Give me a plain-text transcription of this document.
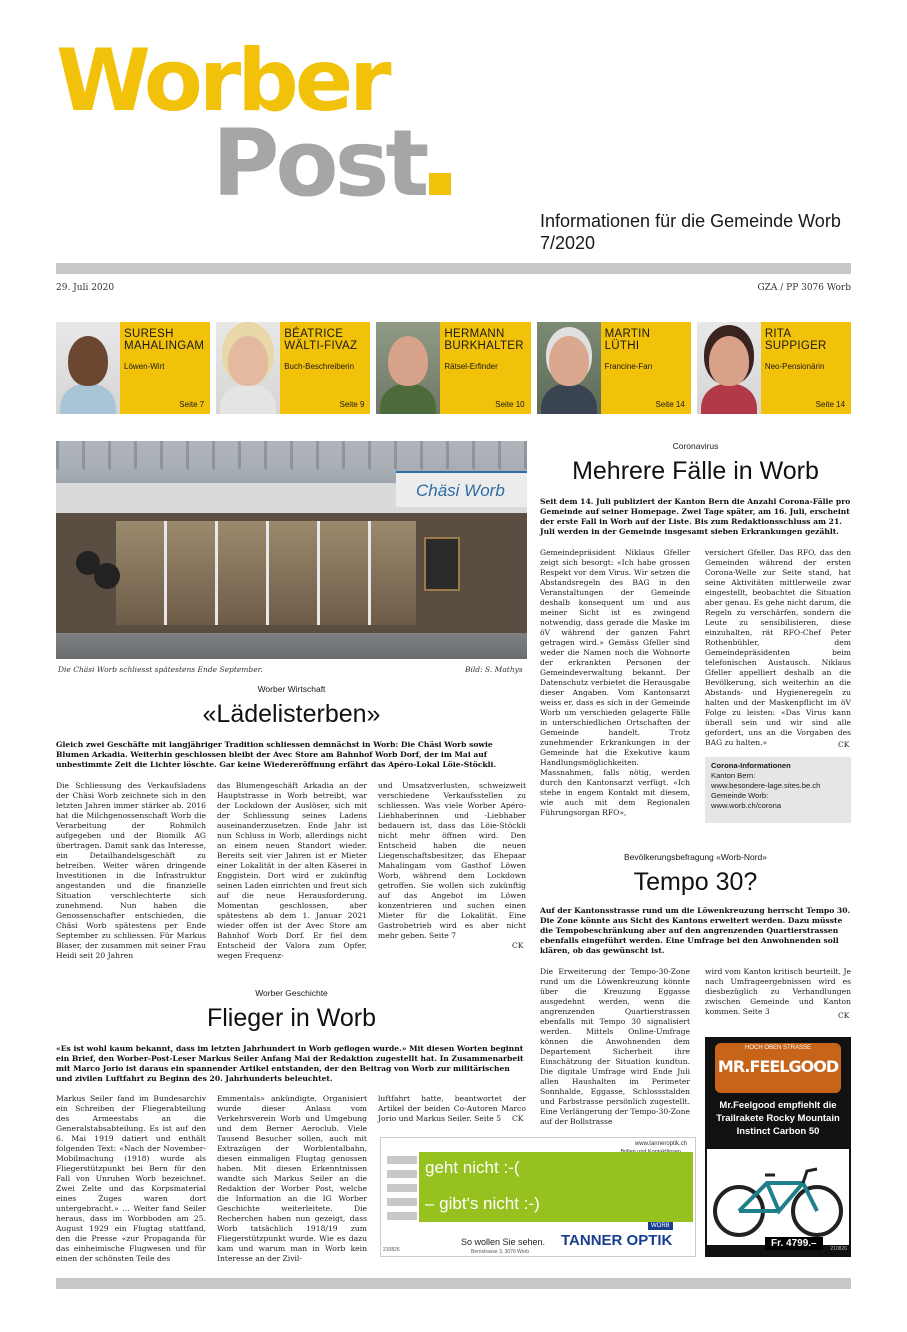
Worber
Post
Informationen für die Gemeinde Worb
7/2020
29. Juli 2020	GZA / PP 3076 Worb
SURESH MAHALINGAM
Löwen-Wirt
Seite 7
BÉATRICE WÄLTI-FIVAZ
Buch-Beschreiberin
Seite 9
HERMANN BURKHALTER
Rätsel-Erfinder
Seite 10
MARTIN LÜTHI
Francine-Fan
Seite 14
RITA SUPPIGER
Neo-Pensionärin
Seite 14
Chäsi Worb
Die Chäsi Worb schliesst spätestens Ende September.	Bild: S. Mathys
Worber Wirtschaft
«Lädelisterben»
Gleich zwei Geschäfte mit langjähriger Tradition schliessen demnächst in Worb: Die Chäsi Worb sowie Blumen Arkadia. Weiterhin geschlossen bleibt der Avec Store am Bahnhof Worb Dorf, der im Mai auf unbestimmte Zeit die Lichter löschte. Gar keine Wiedereröffnung erfährt das Apéro-Lokal Löie-Stöckli.
Die Schliessung des Verkaufsladens der Chäsi Worb zeichnete sich in den letzten Jahren immer stärker ab. 2016 hat die Milchgenossenschaft Worb die Verarbeitung der Rohmilch aufgegeben und der Biomilk AG übertragen. Damit sank das Interesse, ein Detailhandelsgeschäft zu betreiben. Weiter wären dringende Investitionen in die Infrastruktur angestanden und die finanzielle Situation verschlechterte sich zunehmend. Nun haben die Genossenschafter entschieden, die Chäsi Worb spätestens per Ende September zu schliessen. Für Markus Blaser, der zusammen mit seiner Frau Heidi seit 20 Jahren
das Blumengeschäft Arkadia an der Hauptstrasse in Worb betreibt, war der Lockdown der Auslöser, sich mit der Schliessung seines Ladens auseinanderzusetzen. Ende Jahr ist nun Schluss in Worb, allerdings nicht an einem neuen Standort wieder. Bereits seit vier Jahren ist er Mieter einer Lokalität in der alten Käserei in Enggistein. Dort wird er zukünftig seinen Laden einrichten und freut sich auf die neue Herausforderung. Momentan geschlossen, aber spätestens ab dem 1. Januar 2021 wieder offen ist der Avec Store am Bahnhof Worb Dorf. Er fiel dem Entscheid der Valora zum Opfer, wegen Frequenz-
und Umsatzverlusten, schweizweit verschiedene Verkaufsstellen zu schliessen. Was viele Worber Apéro-Liebhaberinnen und -Liebhaber bedauern ist, dass das Löie-Stöckli nicht mehr öffnen wird. Den Entscheid haben die neuen Liegenschaftsbesitzer, das Ehepaar Mahalingam vom Gasthof Löwen Worb, während dem Lockdown getroffen. Sie wollen sich zukünftig auf das Angebot im Löwen konzentrieren und suchen einen Mieter für die Lokalität. Eine Gastrobetrieb wird es aber nicht mehr geben. Seite 7
CK
Worber Geschichte
Flieger in Worb
«Es ist wohl kaum bekannt, dass im letzten Jahrhundert in Worb geflogen wurde.» Mit diesen Worten beginnt ein Brief, den Worber-Post-Leser Markus Seiler Anfang Mai der Redaktion zugestellt hat. In Zusammenarbeit mit Marco Jorio ist daraus ein spannender Artikel entstanden, der den Beitrag von Worb zur militärischen und zivilen Luftfahrt zu Beginn des 20. Jahrhunderts beleuchtet.
Markus Seiler fand im Bundesarchiv ein Schreiben der Fliegerabteilung des Armeestabs an die Generalstabsabteilung. Es ist auf den 6. Mai 1919 datiert und enthält folgenden Text: «Nach der November-Mobilmachung (1918) wurde als Fliegerstützpunkt bei Bern für den Fall von Unruhen Worb bezeichnet. Zwei Zelte und das Korpsmaterial eines Zuges waren dort untergebracht.» … Weiter fand Seiler heraus, dass im Worbboden am 25. August 1929 ein Flugtag stattfand, den die Presse «zur Propaganda für das einheimische Flugwesen und für einen der schönsten Teile des
Emmentals» ankündigte. Organisiert wurde dieser Anlass vom Verkehrsverein Worb und Umgebung und dem Berner Aeroclub. Viele Tausend Besucher sollen, auch mit Extrazügen der Worblentalbahn, diesen einmaligen Flugtag genossen haben. Mit diesen Erkenntnissen wandte sich Markus Seiler an die Redaktion der Worber Post, welche die Information an die IG Worber Geschichte weiterleitete. Die Recherchen haben nun gezeigt, dass Worb tatsächlich 1918/19 zum Fliegerstützpunkt wurde. Wie es dazu kam und warum man in Worb kein Interesse an der Zivil-
luftfahrt hatte, beantwortet der Artikel der beiden Co-Autoren Marco Jorio und Markus Seiler. Seite 5	CK
Coronavirus
Mehrere Fälle in Worb
Seit dem 14. Juli publiziert der Kanton Bern die Anzahl Corona-Fälle pro Gemeinde auf seiner Homepage. Zwei Tage später, am 16. Juli, erscheint der erste Fall in Worb auf der Liste. Bis zum Redaktionsschluss am 21. Juli werden in der Gemeinde insgesamt sieben Erkrankungen gezählt.
Gemeindepräsident Niklaus Gfeller zeigt sich besorgt: «Ich habe grossen Respekt vor dem Virus. Wir setzen die Abstandsregeln des BAG in den Veranstaltungen der Gemeinde deshalb konsequent um und aus meiner Sicht ist es zwingend notwendig, dass gerade die Maske im öV während der ganzen Fahrt getragen wird.» Gemäss Gfeller sind weder die Namen noch die Wohnorte der erkrankten Personen der Gemeindeverwaltung bekannt. Der Datenschutz verbietet die Herausgabe dieser Angaben. Vom Kantonsarzt weiss er, dass es sich in der Gemeinde Worb um verschieden gelagerte Fälle in unterschiedlichen Ortschaften der Gemeinde handelt. Trotz zunehmender Erkrankungen in der Gemeinde hat die Exekutive kaum Handlungsmöglichkeiten. Massnahmen, falls nötig, werden durch den Kantonsarzt verfügt. «Ich stehe in engem Kontakt mit diesem, wie auch mit dem Regionalen Führungsorgan RFO»,
versichert Gfeller. Das RFO, das den Gemeinden während der ersten Corona-Welle zur Seite stand, hat seine Aktivitäten mittlerweile zwar eingestellt, beobachtet die Situation aber genau. Es gehe nicht darum, die Regeln zu verschärfen, sondern die Leute zu sensibilisieren, diese einzuhalten, rät RFO-Chef Peter Rothenbühler, dem Gemeindepräsidenten beim telefonischen Austausch. Niklaus Gfeller appelliert deshalb an die Bevölkerung, sich weiterhin an die Abstands- und Hygieneregeln zu halten und der Maskenpflicht im öV Folge zu leisten: «Das Virus kann überall sein und wir sind alle gefordert, uns an die Vorgaben des BAG zu halten.»	CK
Corona-Informationen
Kanton Bern:
www.besondere-lage.sites.be.ch
Gemeinde Worb:
www.worb.ch/corona
Bevölkerungsbefragung «Worb-Nord»
Tempo 30?
Auf der Kantonsstrasse rund um die Löwenkreuzung herrscht Tempo 30. Die Zone könnte aus Sicht des Kantons erweitert werden. Dazu müsste die Tempobeschränkung aber auf den angrenzenden Quartierstrassen ebenfalls eingeführt werden. Eine Umfrage bei den Anwohnenden soll klären, ob das gewünscht ist.
Die Erweiterung der Tempo-30-Zone rund um die Löwenkreuzung könnte über die Kreuzung Eggasse ausgedehnt werden, wenn die angrenzenden Quartierstrassen ebenfalls mit Tempo 30 signalisiert werden. Mittels Online-Umfrage können die Anwohnenden dem Departement Sicherheit ihre Einschätzung der Situation kundtun. Die digitale Umfrage wird Ende Juli allen Haushalten im Perimeter Sonnhalde, Eggasse, Schlossstalden und Farbstrasse persönlich zugestellt. Eine Verlängerung der Tempo-30-Zone auf der Bollstrasse
wird vom Kanton kritisch beurteilt. Je nach Umfrageergebnissen wird es diesbezüglich zu Verhandlungen zwischen Gemeinde und Kanton kommen. Seite 3	CK
www.tanneroptik.ch
geht nicht :-(
– gibt's nicht :-)
So wollen Sie sehen. TANNER OPTIK
WORB
210826	Bernstrasse 3, 3076 Worb
HOCH OBEN STRASSE
MR.FEELGOOD
Mr.Feelgood empfiehlt die Trailrakete Rocky Mountain Instinct Carbon 50
Fr. 4799.–	210826
